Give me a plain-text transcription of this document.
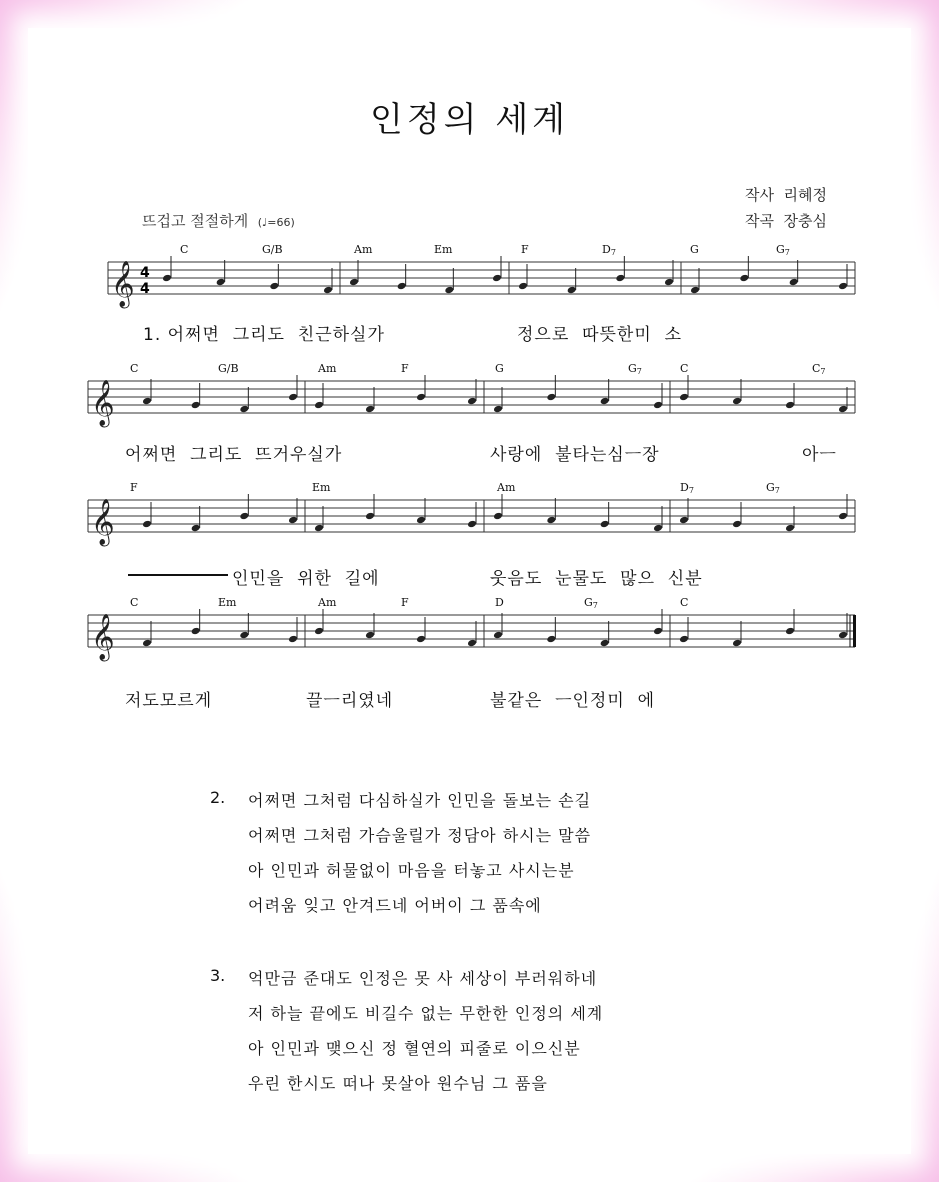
인정의 세계
작사 리혜정
작곡 장충심
뜨겁고 절절하게 (♩=66)
𝄞 4
4
C	G/B	Am	Em	F	D7	G	G7
𝄞
C	G/B	Am	F	G	G7	C	C7
𝄞
F	Em	Am	D7	G7
𝄞
C	Em	Am	F	D	G7	C
1. 어쩌면  그리도  친근하실가	정으로  따뜻한미  소
어쩌면  그리도  뜨거우실가	사랑에  불타는심ㅡ장	아ㅡ
인민을  위한  길에	웃음도  눈물도  많으  신분
저도모르게	끌ㅡ리였네	불같은  ㅡ인정미  에
2. 어쩌면 그처럼 다심하실가 인민을 돌보는 손길
어쩌면 그처럼 가슴울릴가 정담아 하시는 말씀
아 인민과 허물없이 마음을 터놓고 사시는분
어려움 잊고 안겨드네 어버이 그 품속에
3. 억만금 준대도 인정은 못 사 세상이 부러워하네
저 하늘 끝에도 비길수 없는 무한한 인정의 세계
아 인민과 맺으신 정 혈연의 피줄로 이으신분
우린 한시도 떠나 못살아 원수님 그 품을
